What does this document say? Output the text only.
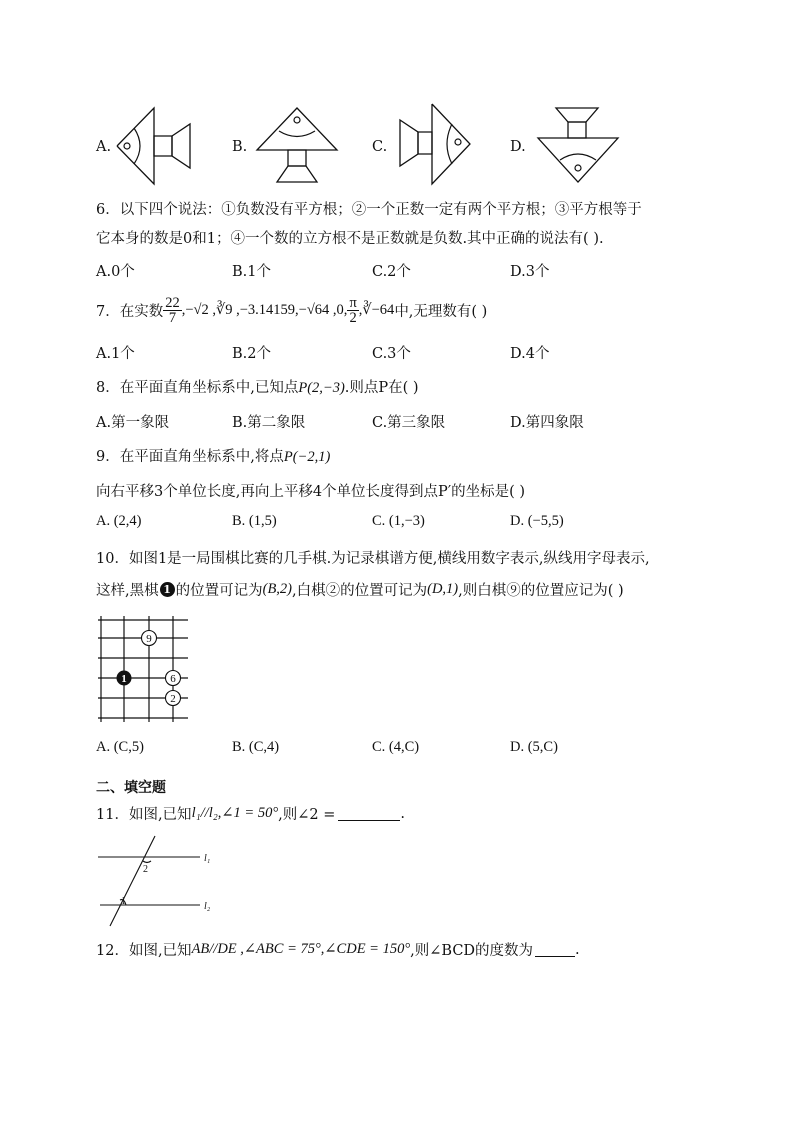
A.	B.	C.	D.
6．以下四个说法：①负数没有平方根；②一个正数一定有两个平方根；③平方根等于
它本身的数是0和1；④一个数的立方根不是正数就是负数.其中正确的说法有( ).
A.0个	B.1个	C.2个	D.3个
7．在实数 $\frac{22}{7} ,-√2$ ,∛9 ,−3.14159,−√64 ,0, $\frac{\pi}{2}$ ,∛−64 中,无理数有( )
A.1个	B.2个	C.3个	D.4个
8．在平面直角坐标系中,已知点P(2,−3).则点P在( )
A.第一象限	B.第二象限	C.第三象限	D.第四象限
9．在平面直角坐标系中,将点P(−2,1)
向右平移3个单位长度,再向上平移4个单位长度得到点P′的坐标是( )
A. (2,4)	B. (1,5)	C. (1,−3)	D. (−5,5)
10．如图1是一局围棋比赛的几手棋.为记录棋谱方便,横线用数字表示,纵线用字母表示,
这样,黑棋 1 的位置可记为 (B,2) ,白棋②的位置可记为 (D,1) ,则白棋⑨的位置应记为( )
9
1	6
2
A. (C,5)	B. (C,4)	C. (4,C)	D. (5,C)
二、填空题
11．如图,已知 l₁//l₂,∠1 = 50° ,则∠2 =	.
l₁
l₂
2
1
12．如图,已知 AB//DE ,∠ABC = 75°,∠CDE = 150° ,则∠BCD的度数为	.
